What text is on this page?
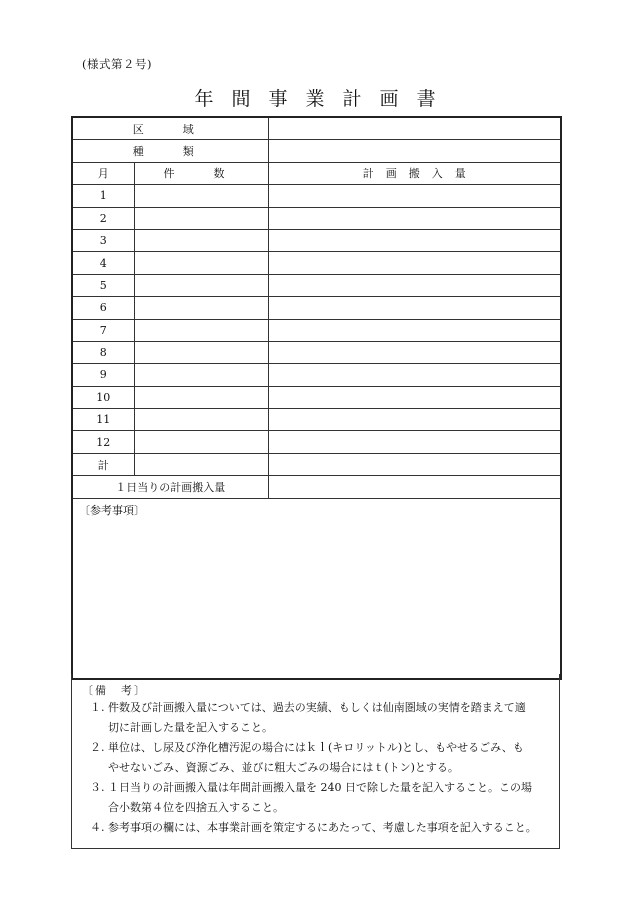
(様式第２号)
年間事業計画書
区　域		
種　類		
月	件　数	計画搬入量
1		
2		
3		
4		
5		
6		
7		
8		
9		
10		
11		
12		
計		
１日当りの計画搬入量		
〔参考事項〕		
〔備　考〕
１. 件数及び計画搬入量については、過去の実績、もしくは仙南圏域の実情を踏まえて適
切に計画した量を記入すること。
２. 単位は、し尿及び浄化槽汚泥の場合にはｋｌ(キロリットル)とし、もやせるごみ、も
やせないごみ、資源ごみ、並びに粗大ごみの場合にはｔ(トン)とする。
３. １日当りの計画搬入量は年間計画搬入量を 240 日で除した量を記入すること。この場
合小数第４位を四捨五入すること。
４. 参考事項の欄には、本事業計画を策定するにあたって、考慮した事項を記入すること。
